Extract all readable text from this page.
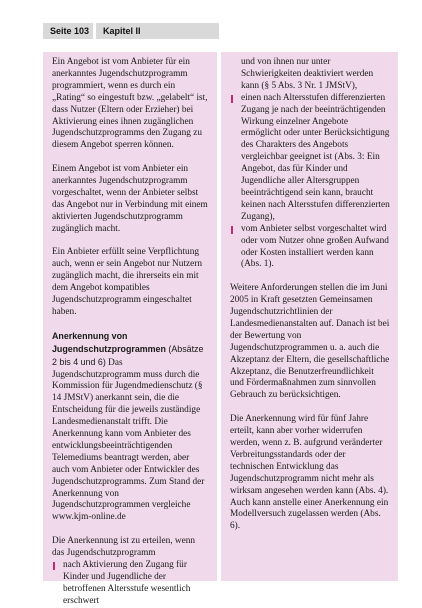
Seite 103	Kapitel II

Ein Angebot ist vom Anbieter für ein anerkanntes Jugendschutzprogramm programmiert, wenn es durch ein „Rating“ so eingestuft bzw. „gelabelt“ ist, dass Nutzer (Eltern oder Erzieher) bei Aktivierung eines ihnen zugänglichen Jugendschutzprogramms den Zugang zu diesem Angebot sperren können.

Einem Angebot ist vom Anbieter ein anerkanntes Jugendschutzprogramm vorgeschaltet, wenn der Anbieter selbst das Angebot nur in Verbindung mit einem aktivierten Jugendschutzprogramm zugänglich macht.

Ein Anbieter erfüllt seine Verpflichtung auch, wenn er sein Angebot nur Nutzern zugänglich macht, die ihrerseits ein mit dem Angebot kompatibles Jugendschutzprogramm eingeschaltet haben.

Anerkennung von Jugendschutzprogrammen (Absätze 2 bis 4 und 6) Das Jugendschutzprogramm muss durch die Kommission für Jugendmedienschutz (§ 14 JMStV) anerkannt sein, die die Entscheidung für die jeweils zuständige Landesmedienanstalt trifft. Die Anerkennung kann vom Anbieter des entwicklungsbeeinträchtigenden Telemediums beantragt werden, aber auch vom Anbieter oder Entwickler des Jugendschutzprogramms. Zum Stand der Anerkennung von Jugendschutzprogrammen vergleiche www.kjm-online.de
Die Anerkennung ist zu erteilen, wenn das Jugendschutzprogramm
nach Aktivierung den Zugang für Kinder und Jugendliche der betroffenen Altersstufe wesentlich erschwert
und von ihnen nur unter Schwierigkeiten deaktiviert werden kann (§ 5 Abs. 3 Nr. 1 JMStV),
einen nach Altersstufen differenzierten Zugang je nach der beeinträchtigenden Wirkung einzelner Angebote ermöglicht oder unter Berücksichtigung des Charakters des Angebots vergleichbar geeignet ist (Abs. 3: Ein Angebot, das für Kinder und Jugendliche aller Altersgruppen beeinträchtigend sein kann, braucht keinen nach Altersstufen differenzierten Zugang),
vom Anbieter selbst vorgeschaltet wird oder vom Nutzer ohne großen Aufwand oder Kosten installiert werden kann (Abs. 1).

Weitere Anforderungen stellen die im Juni 2005 in Kraft gesetzten Gemeinsamen Jugendschutzrichtlinien der Landesmedienanstalten auf. Danach ist bei der Bewertung von Jugendschutzprogrammen u. a. auch die Akzeptanz der Eltern, die gesellschaftliche Akzeptanz, die Benutzerfreundlichkeit und Fördermaßnahmen zum sinnvollen Gebrauch zu berücksichtigen.

Die Anerkennung wird für fünf Jahre erteilt, kann aber vorher widerrufen werden, wenn z. B. aufgrund veränderter Verbreitungsstandards oder der technischen Entwicklung das Jugendschutzprogramm nicht mehr als wirksam angesehen werden kann (Abs. 4). Auch kann anstelle einer Anerkennung ein Modellversuch zugelassen werden (Abs. 6).
